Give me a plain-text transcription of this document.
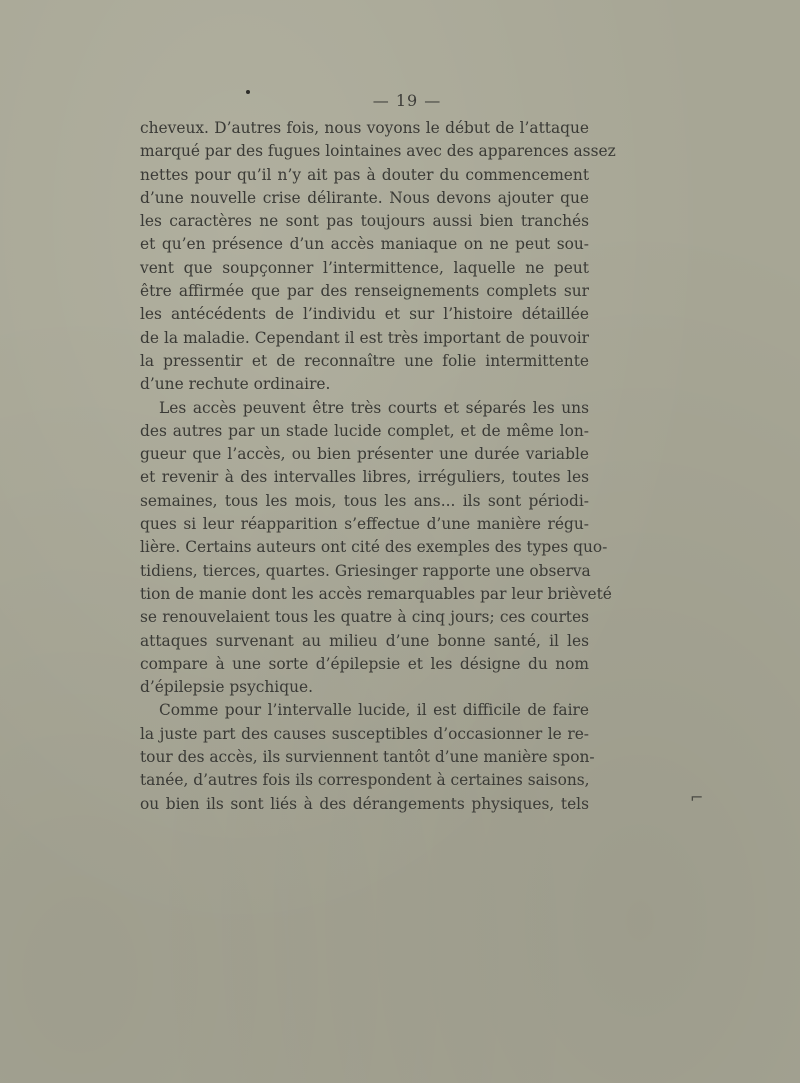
— 19 —
cheveux. D’autres fois, nous voyons le début de l’attaque
marqué par des fugues lointaines avec des apparences assez
nettes pour qu’il n’y ait pas à douter du commencement
d’une nouvelle crise délirante. Nous devons ajouter que
les caractères ne sont pas toujours aussi bien tranchés
et qu’en présence d’un accès maniaque on ne peut sou-
vent que soupçonner l’intermittence, laquelle ne peut
être affirmée que par des renseignements complets sur
les antécédents de l’individu et sur l’histoire détaillée
de la maladie. Cependant il est très important de pouvoir
la pressentir et de reconnaître une folie intermittente
d’une rechute ordinaire.
Les accès peuvent être très courts et séparés les uns
des autres par un stade lucide complet, et de même lon-
gueur que l’accès, ou bien présenter une durée variable
et revenir à des intervalles libres, irréguliers, toutes les
semaines, tous les mois, tous les ans... ils sont périodi-
ques si leur réapparition s’effectue d’une manière régu-
lière. Certains auteurs ont cité des exemples des types quo-
tidiens, tierces, quartes. Griesinger rapporte une observa
tion de manie dont les accès remarquables par leur brièveté
se renouvelaient tous les quatre à cinq jours; ces courtes
attaques survenant au milieu d’une bonne santé, il les
compare à une sorte d’épilepsie et les désigne du nom
d’épilepsie psychique.
Comme pour l’intervalle lucide, il est difficile de faire
la juste part des causes susceptibles d’occasionner le re-
tour des accès, ils surviennent tantôt d’une manière spon-
tanée, d’autres fois ils correspondent à certaines saisons,
ou bien ils sont liés à des dérangements physiques, tels	⌐
